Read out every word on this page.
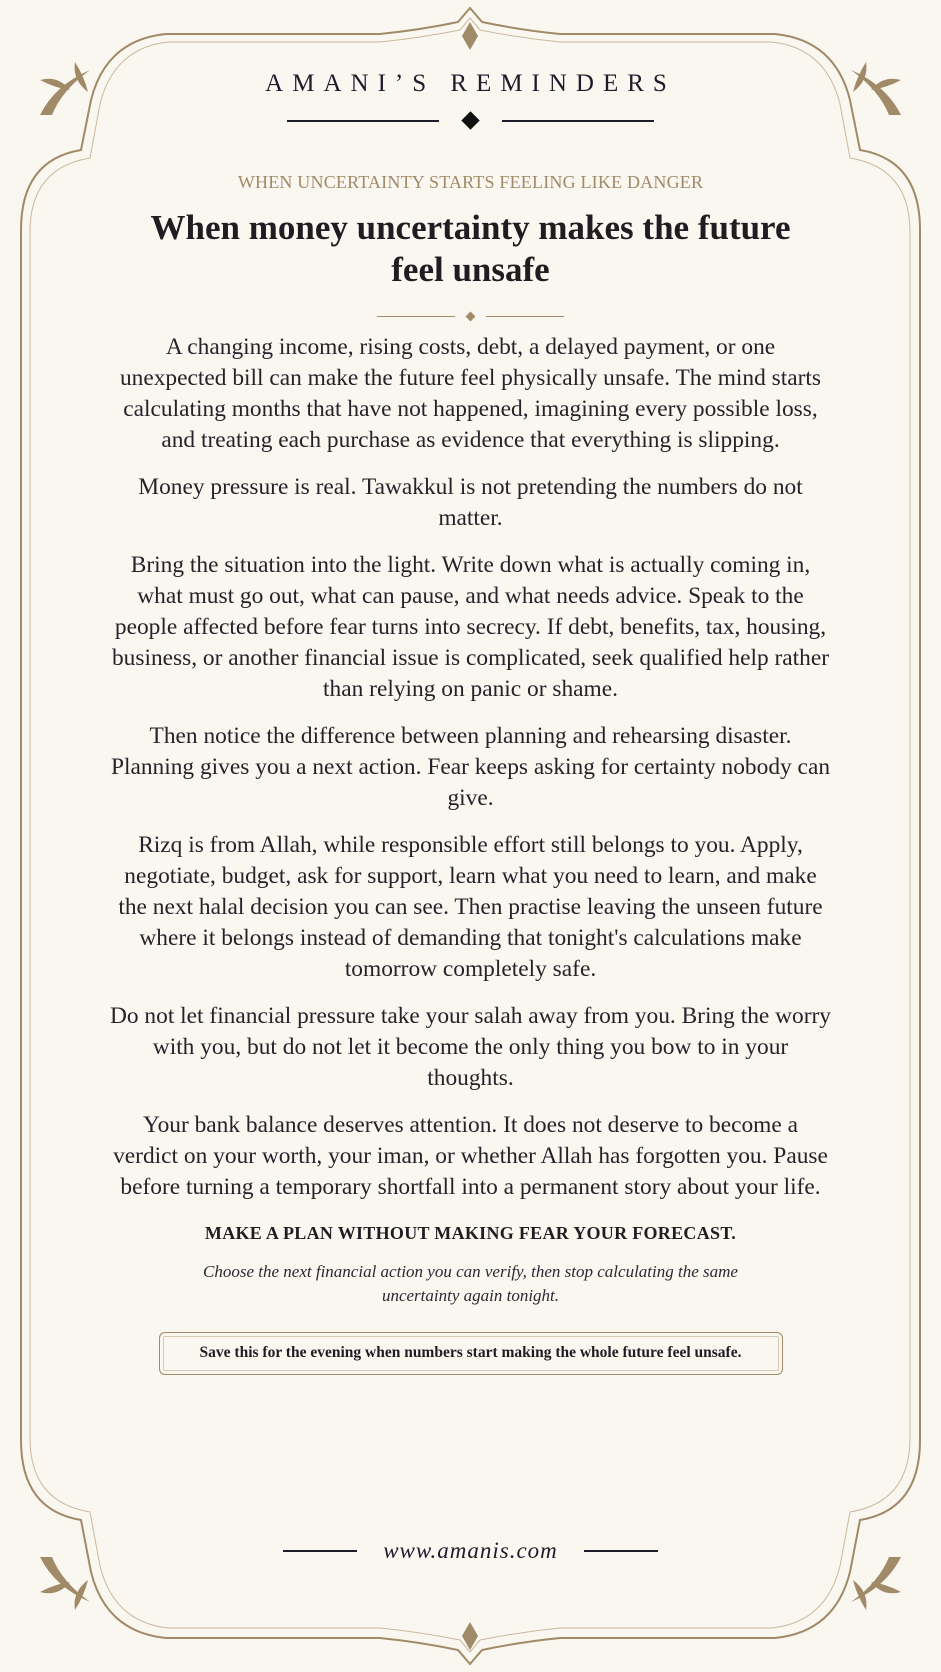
AMANI’S REMINDERS
WHEN UNCERTAINTY STARTS FEELING LIKE DANGER
When money uncertainty makes the future feel unsafe

A changing income, rising costs, debt, a delayed payment, or one unexpected bill can make the future feel physically unsafe. The mind starts calculating months that have not happened, imagining every possible loss, and treating each purchase as evidence that everything is slipping.

Money pressure is real. Tawakkul is not pretending the numbers do not matter.

Bring the situation into the light. Write down what is actually coming in, what must go out, what can pause, and what needs advice. Speak to the people affected before fear turns into secrecy. If debt, benefits, tax, housing, business, or another financial issue is complicated, seek qualified help rather than relying on panic or shame.

Then notice the difference between planning and rehearsing disaster. Planning gives you a next action. Fear keeps asking for certainty nobody can give.

Rizq is from Allah, while responsible effort still belongs to you. Apply, negotiate, budget, ask for support, learn what you need to learn, and make the next halal decision you can see. Then practise leaving the unseen future where it belongs instead of demanding that tonight's calculations make tomorrow completely safe.

Do not let financial pressure take your salah away from you. Bring the worry with you, but do not let it become the only thing you bow to in your thoughts.

Your bank balance deserves attention. It does not deserve to become a verdict on your worth, your iman, or whether Allah has forgotten you. Pause before turning a temporary shortfall into a permanent story about your life.

MAKE A PLAN WITHOUT MAKING FEAR YOUR FORECAST.
Choose the next financial action you can verify, then stop calculating the same uncertainty again tonight.
Save this for the evening when numbers start making the whole future feel unsafe.
www.amanis.com
